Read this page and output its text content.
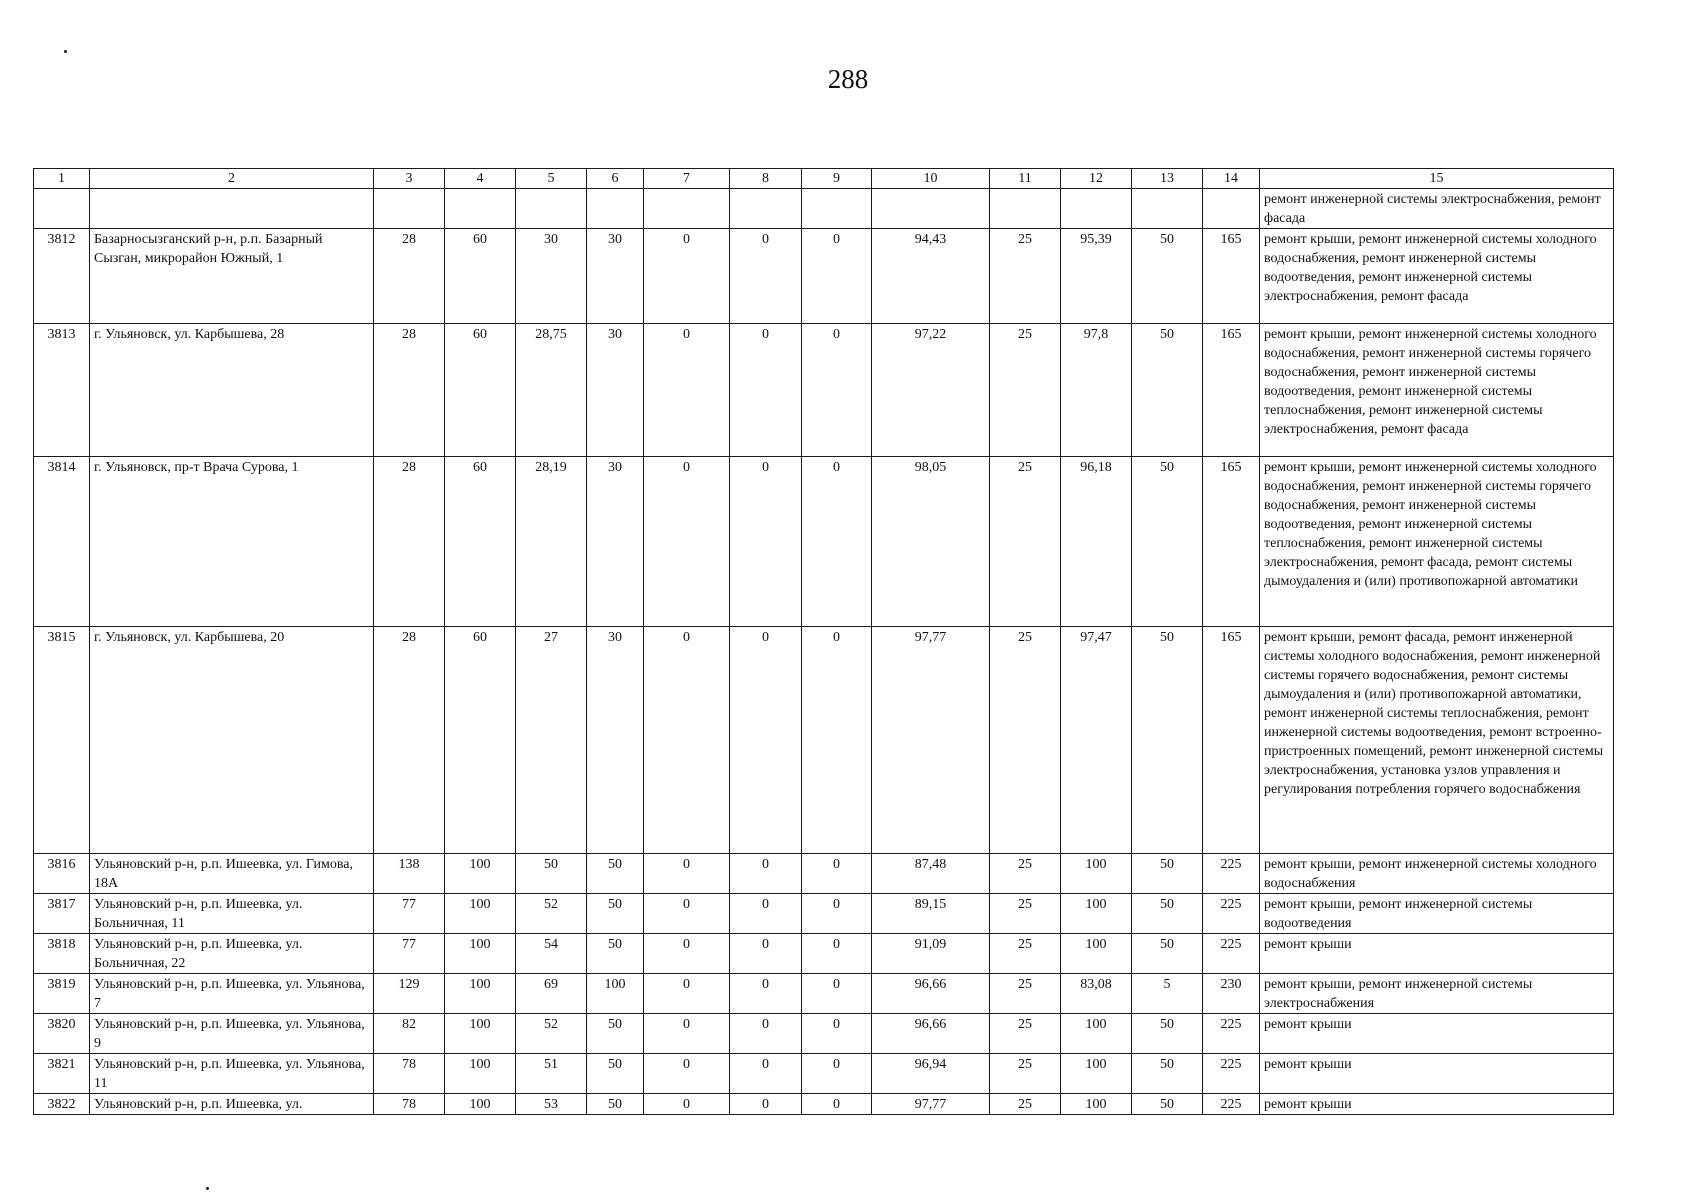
288
1	2	3	4	5	6	7	8	9	10	11	12	13	14	15
														ремонт инженерной системы электроснабжения, ремонт фасада
3812	Базарносызганский р-н, р.п. Базарный Сызган, микрорайон Южный, 1	28	60	30	30	0	0	0	94,43	25	95,39	50	165	ремонт крыши, ремонт инженерной системы холодного водоснабжения, ремонт инженерной системы водоотведения, ремонт инженерной системы электроснабжения, ремонт фасада
3813	г. Ульяновск, ул. Карбышева, 28	28	60	28,75	30	0	0	0	97,22	25	97,8	50	165	ремонт крыши, ремонт инженерной системы холодного водоснабжения, ремонт инженерной системы горячего водоснабжения, ремонт инженерной системы водоотведения, ремонт инженерной системы теплоснабжения, ремонт инженерной системы электроснабжения, ремонт фасада
3814	г. Ульяновск, пр-т Врача Сурова, 1	28	60	28,19	30	0	0	0	98,05	25	96,18	50	165	ремонт крыши, ремонт инженерной системы холодного водоснабжения, ремонт инженерной системы горячего водоснабжения, ремонт инженерной системы водоотведения, ремонт инженерной системы теплоснабжения, ремонт инженерной системы электроснабжения, ремонт фасада, ремонт системы дымоудаления и (или) противопожарной автоматики
3815	г. Ульяновск, ул. Карбышева, 20	28	60	27	30	0	0	0	97,77	25	97,47	50	165	ремонт крыши, ремонт фасада, ремонт инженерной системы холодного водоснабжения, ремонт инженерной системы горячего водоснабжения, ремонт системы дымоудаления и (или) противопожарной автоматики, ремонт инженерной системы теплоснабжения, ремонт инженерной системы водоотведения, ремонт встроенно-пристроенных помещений, ремонт инженерной системы электроснабжения, установка узлов управления и регулирования потребления горячего водоснабжения
3816	Ульяновский р-н, р.п. Ишеевка, ул. Гимова, 18А	138	100	50	50	0	0	0	87,48	25	100	50	225	ремонт крыши, ремонт инженерной системы холодного водоснабжения
3817	Ульяновский р-н, р.п. Ишеевка, ул. Больничная, 11	77	100	52	50	0	0	0	89,15	25	100	50	225	ремонт крыши, ремонт инженерной системы водоотведения
3818	Ульяновский р-н, р.п. Ишеевка, ул. Больничная, 22	77	100	54	50	0	0	0	91,09	25	100	50	225	ремонт крыши
3819	Ульяновский р-н, р.п. Ишеевка, ул. Ульянова, 7	129	100	69	100	0	0	0	96,66	25	83,08	5	230	ремонт крыши, ремонт инженерной системы электроснабжения
3820	Ульяновский р-н, р.п. Ишеевка, ул. Ульянова, 9	82	100	52	50	0	0	0	96,66	25	100	50	225	ремонт крыши
3821	Ульяновский р-н, р.п. Ишеевка, ул. Ульянова, 11	78	100	51	50	0	0	0	96,94	25	100	50	225	ремонт крыши
3822	Ульяновский р-н, р.п. Ишеевка, ул.	78	100	53	50	0	0	0	97,77	25	100	50	225	ремонт крыши
